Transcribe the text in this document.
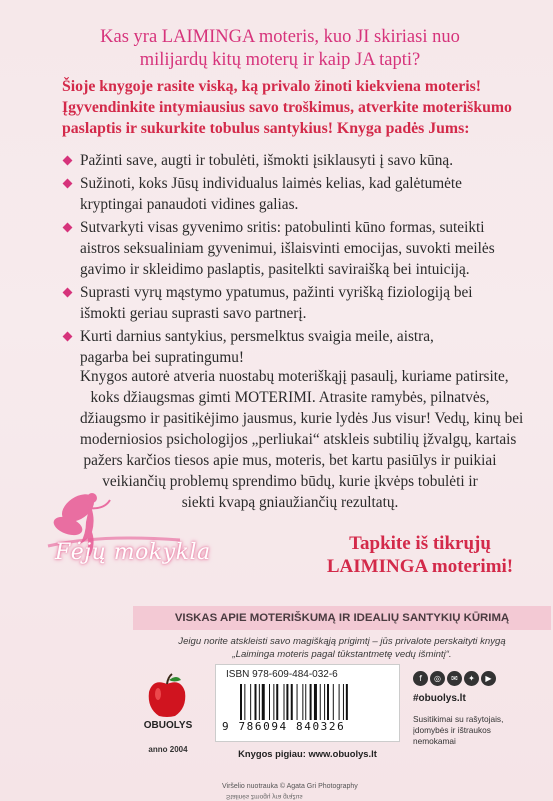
Kas yra LAIMINGA moteris, kuo JI skiriasi nuo
milijardų kitų moterų ir kaip JA tapti?
Šioje knygoje rasite viską, ką privalo žinoti kiekviena moteris!
Įgyvendinkite intymiausius savo troškimus, atverkite moteriškumo
paslaptis ir sukurkite tobulus santykius! Knyga padės Jums:
Pažinti save, augti ir tobulėti, išmokti įsiklausyti į savo kūną.
Sužinoti, koks Jūsų individualus laimės kelias, kad galėtumėte
kryptingai panaudoti vidines galias.
Sutvarkyti visas gyvenimo sritis: patobulinti kūno formas, suteikti
aistros seksualiniam gyvenimui, išlaisvinti emocijas, suvokti meilės
gavimo ir skleidimo paslaptis, pasitelkti saviraišką bei intuiciją.
Suprasti vyrų mąstymo ypatumus, pažinti vyrišką fiziologiją bei
išmokti geriau suprasti savo partnerį.
Kurti darnius santykius, persmelktus svaigia meile, aistra,
pagarba bei supratingumu!
Knygos autorė atveria nuostabų moteriškąjį pasaulį, kuriame patirsite,
koks džiaugsmas gimti MOTERIMI. Atrasite ramybės, pilnatvės,
džiaugsmo ir pasitikėjimo jausmus, kurie lydės Jus visur! Vedų, kinų bei
moderniosios psichologijos „perliukai“ atskleis subtilių įžvalgų, kartais
pažers karčios tiesos apie mus, moteris, bet kartu pasiūlys ir puikiai
veikiančių problemų sprendimo būdų, kurie įkvėps tobulėti ir
siekti kvapą gniaužiančių rezultatų.
Fėjų mokykla	Tapkite iš tikrųjų
LAIMINGA moterimi!
VISKAS APIE MOTERIŠKUMĄ IR IDEALIŲ SANTYKIŲ KŪRIMĄ
Jeigu norite atskleisti savo magiškąją prigimtį – jūs privalote perskaityti knygą
„Laiminga moteris pagal tūkstantmetę vedų išmintį“.
OBUOLYS
anno 2004
ISBN 978-609-484-032-6
9 786094 840326
Knygos pigiau: www.obuolys.lt
f ◎ ✉ ✦ ▶
#obuolys.lt
Susitikimai su rašytojais,
įdomybės ir ištraukos
nemokamai
Viršelio nuotrauka © Agata Gri Photography
Stalinės žmogų yra grąžus
